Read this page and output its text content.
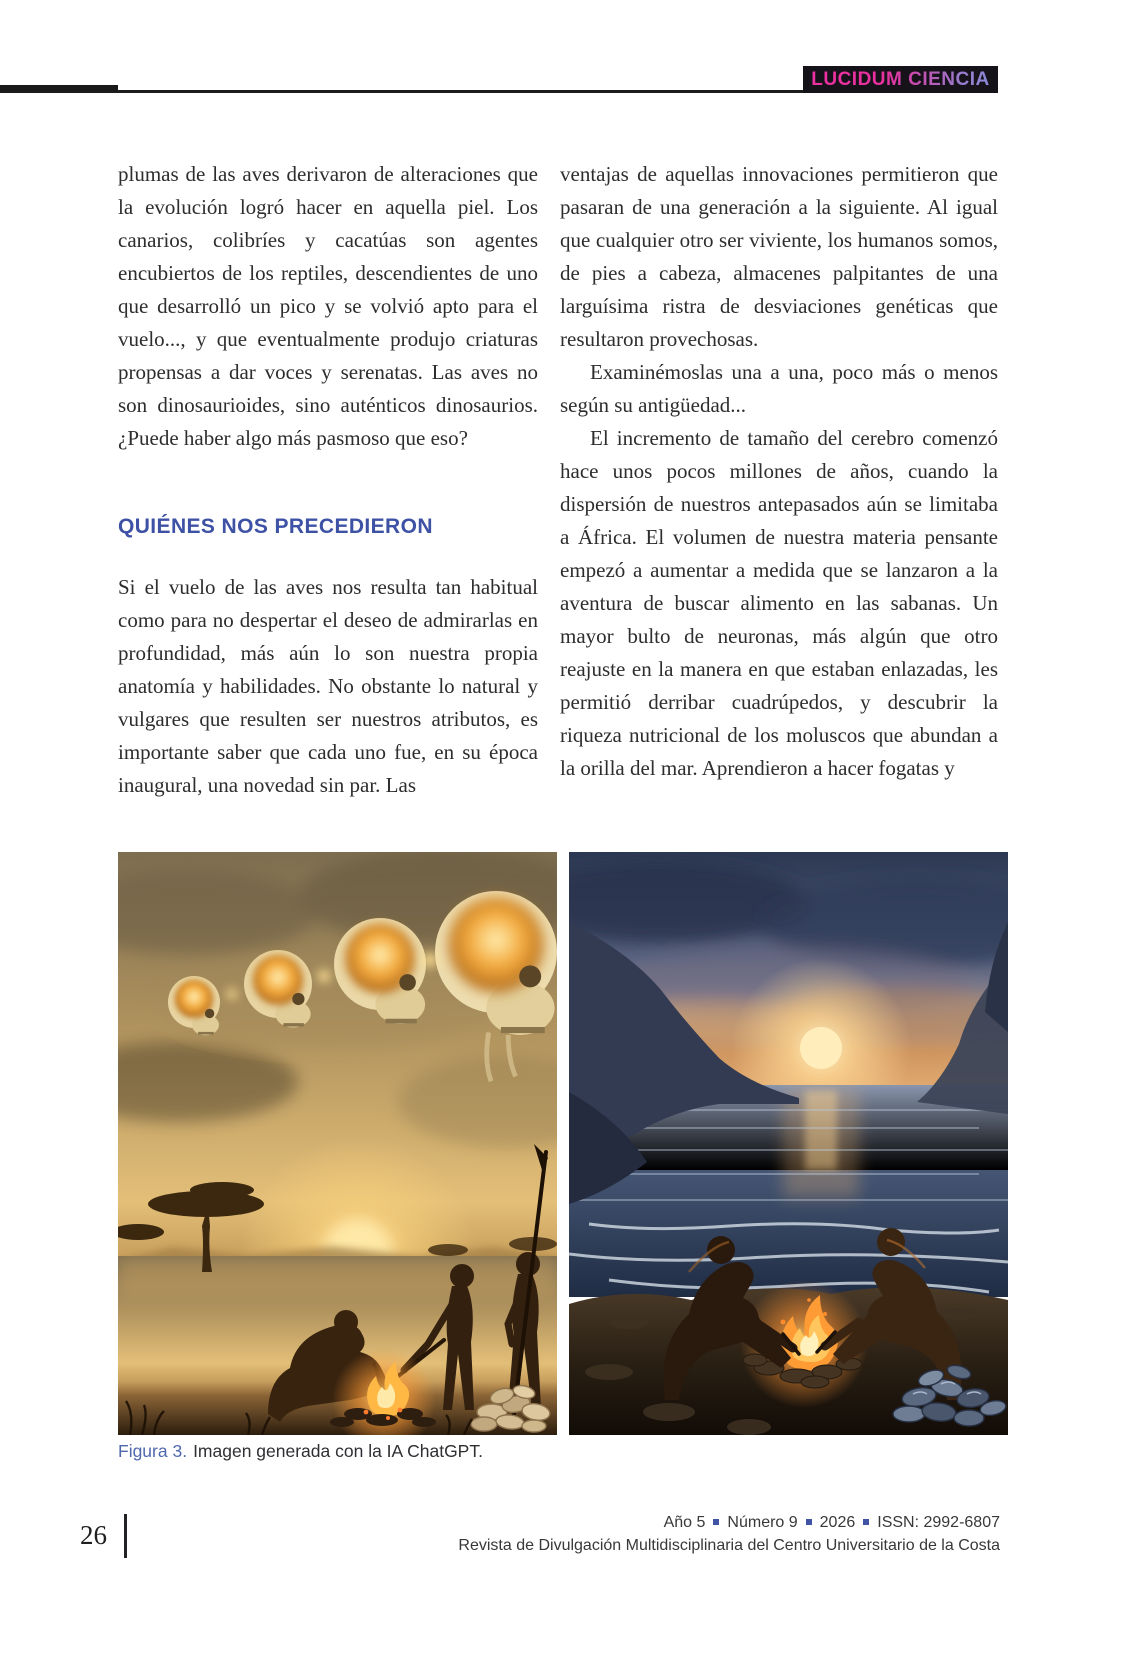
LUCIDUM CIENCIA

plumas de las aves derivaron de alteraciones que la evolución logró hacer en aquella piel. Los canarios, colibríes y cacatúas son agentes encubiertos de los reptiles, descendientes de uno que desarrolló un pico y se volvió apto para el vuelo..., y que eventualmente produjo criaturas propensas a dar voces y serenatas. Las aves no son dinosaurioides, sino auténticos dinosaurios. ¿Puede haber algo más pasmoso que eso?

QUIÉNES NOS PRECEDIERON

Si el vuelo de las aves nos resulta tan habitual como para no despertar el deseo de admirarlas en profundidad, más aún lo son nuestra propia anatomía y habilidades. No obstante lo natural y vulgares que resulten ser nuestros atributos, es importante saber que cada uno fue, en su época inaugural, una novedad sin par. Las

ventajas de aquellas innovaciones permitieron que pasaran de una generación a la siguiente. Al igual que cualquier otro ser viviente, los humanos somos, de pies a cabeza, almacenes palpitantes de una larguísima ristra de desviaciones genéticas que resultaron provechosas.

Examinémoslas una a una, poco más o menos según su antigüedad...

El incremento de tamaño del cerebro comenzó hace unos pocos millones de años, cuando la dispersión de nuestros antepasados aún se limitaba a África. El volumen de nuestra materia pensante empezó a aumentar a medida que se lanzaron a la aventura de buscar alimento en las sabanas. Un mayor bulto de neuronas, más algún que otro reajuste en la manera en que estaban enlazadas, les permitió derribar cuadrúpedos, y descubrir la riqueza nutricional de los moluscos que abundan a la orilla del mar. Aprendieron a hacer fogatas y

Figura 3. Imagen generada con la IA ChatGPT.
26	Año 5 Número 9 2026 ISSN: 2992-6807
Revista de Divulgación Multidisciplinaria del Centro Universitario de la Costa
